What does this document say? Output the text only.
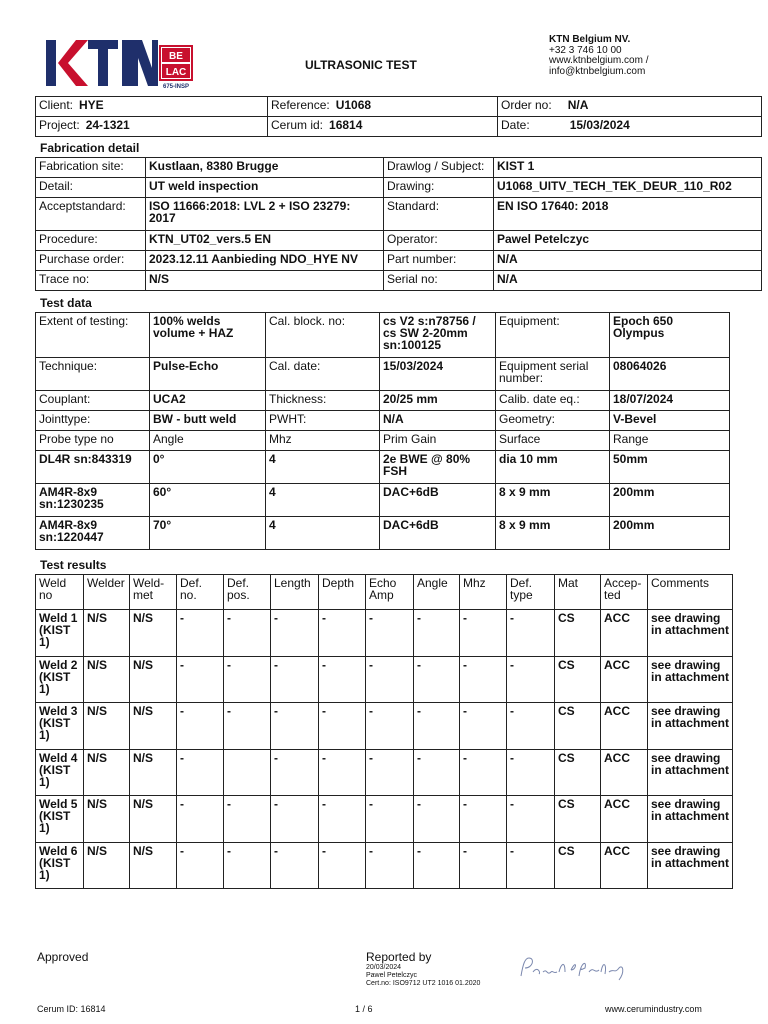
BE
LAC
675-INSP
ULTRASONIC TEST
KTN Belgium NV.
+32 3 746 10 00
www.ktnbelgium.com /
info@ktnbelgium.com
Client: HYE	Reference: U1068	Order no: N/A
Project: 24-1321	Cerum id: 16814	Date: 15/03/2024
Fabrication detail
Fabrication site:	Kustlaan, 8380 Brugge	Drawlog / Subject:	KIST 1
Detail:	UT weld inspection	Drawing:	U1068_UITV_TECH_TEK_DEUR_110_R02
Acceptstandard:	ISO 11666:2018: LVL 2 + ISO 23279: 2017	Standard:	EN ISO 17640: 2018
Procedure:	KTN_UT02_vers.5 EN	Operator:	Pawel Petelczyc
Purchase order:	2023.12.11 Aanbieding NDO_HYE NV	Part number:	N/A
Trace no:	N/S	Serial no:	N/A
Test data
Extent of testing:	100% welds volume + HAZ	Cal. block. no:	cs V2 s:n78756 / cs SW 2-20mm sn:100125	Equipment:	Epoch 650 Olympus
Technique:	Pulse-Echo	Cal. date:	15/03/2024	Equipment serial number:	08064026
Couplant:	UCA2	Thickness:	20/25 mm	Calib. date eq.:	18/07/2024
Jointtype:	BW - butt weld	PWHT:	N/A	Geometry:	V-Bevel
Probe type no	Angle	Mhz	Prim Gain	Surface	Range
DL4R sn:843319	0°	4	2e BWE @ 80% FSH	dia 10 mm	50mm
AM4R-8x9 sn:1230235	60°	4	DAC+6dB	8 x 9 mm	200mm
AM4R-8x9 sn:1220447	70°	4	DAC+6dB	8 x 9 mm	200mm
Test results
Weld no	Welder	Weld-met	Def. no.	Def. pos.	Length	Depth	Echo Amp	Angle	Mhz	Def. type	Mat	Accep-ted	Comments
Weld 1 (KIST 1)	N/S	N/S	-	-	-	-	-	-	-	-	CS	ACC	see drawing in attachment
Weld 2 (KIST 1)	N/S	N/S	-	-	-	-	-	-	-	-	CS	ACC	see drawing in attachment
Weld 3 (KIST 1)	N/S	N/S	-	-	-	-	-	-	-	-	CS	ACC	see drawing in attachment
Weld 4 (KIST 1)	N/S	N/S	-		-	-	-	-	-	-	CS	ACC	see drawing in attachment
Weld 5 (KIST 1)	N/S	N/S	-	-	-	-	-	-	-	-	CS	ACC	see drawing in attachment
Weld 6 (KIST 1)	N/S	N/S	-	-	-	-	-	-	-	-	CS	ACC	see drawing in attachment
Approved	Reported by
20/03/2024
Pawel Petelczyc
Cert.no: ISO9712 UT2 1016 01.2020
Cerum ID: 16814	1 / 6	www.cerumindustry.com
